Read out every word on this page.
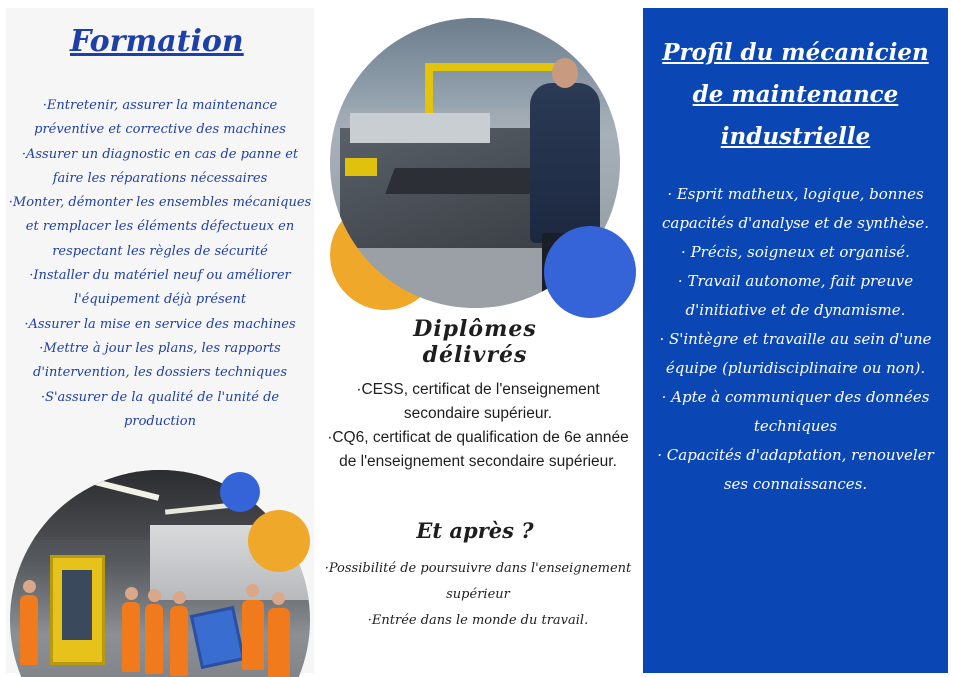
Formation
·Entretenir, assurer la maintenance préventive et corrective des machines
·Assurer un diagnostic en cas de panne et faire les réparations nécessaires
·Monter, démonter les ensembles mécaniques et remplacer les éléments défectueux en respectant les règles de sécurité
·Installer du matériel neuf ou améliorer l'équipement déjà présent
·Assurer la mise en service des machines
·Mettre à jour les plans, les rapports d'intervention, les dossiers techniques
·S'assurer de la qualité de l'unité de production
Diplômes délivrés
·CESS, certificat de l'enseignement secondaire supérieur.
·CQ6, certificat de qualification de 6e année de l'enseignement secondaire supérieur.
Et après ?
·Possibilité de poursuivre dans l'enseignement supérieur
·Entrée dans le monde du travail.
Profil du mécanicien de maintenance industrielle
· Esprit matheux, logique, bonnes capacités d'analyse et de synthèse.
· Précis, soigneux et organisé.
· Travail autonome, fait preuve d'initiative et de dynamisme.
· S'intègre et travaille au sein d'une équipe (pluridisciplinaire ou non).
· Apte à communiquer des données techniques
· Capacités d'adaptation, renouveler ses connaissances.
